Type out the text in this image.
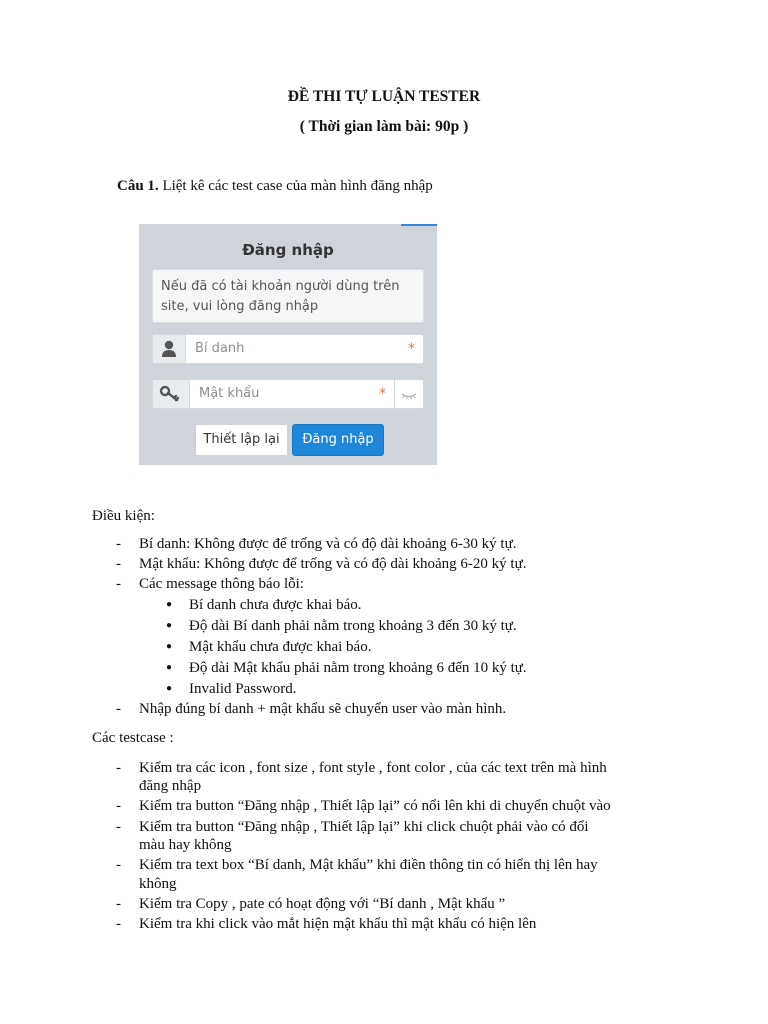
ĐỀ THI TỰ LUẬN TESTER
( Thời gian làm bài: 90p )
Câu 1. Liệt kê các test case của màn hình đăng nhập
Đăng nhập
Nếu đã có tài khoản người dùng trên
site, vui lòng đăng nhập
Bí danh	*
Mật khẩu	*
Thiết lập lại	Đăng nhập
Điều kiện:
- Bí danh: Không được để trống và có độ dài khoảng 6-30 ký tự.
- Mật khẩu: Không được để trống và có độ dài khoảng 6-20 ký tự.
- Các message thông báo lỗi:
● Bí danh chưa được khai báo.
● Độ dài Bí danh phải nằm trong khoảng 3 đến 30 ký tự.
● Mật khẩu chưa được khai báo.
● Độ dài Mật khẩu phải nằm trong khoảng 6 đến 10 ký tự.
● Invalid Password.
- Nhập đúng bí danh + mật khẩu sẽ chuyển user vào màn hình.
Các testcase :
- Kiểm tra các icon , font size , font style , font color , của các text trên mà hình
đăng nhập
- Kiểm tra button “Đăng nhập , Thiết lập lại” có nổi lên khi di chuyển chuột vào
- Kiểm tra button “Đăng nhập , Thiết lập lại” khi click chuột phải vào có đổi
màu hay không
- Kiểm tra text box “Bí danh, Mật khẩu” khi điền thông tin có hiển thị lên hay
không
- Kiểm tra Copy , pate có hoạt động với “Bí danh , Mật khẩu ”
- Kiểm tra khi click vào mắt hiện mật khẩu thì mật khẩu có hiện lên
